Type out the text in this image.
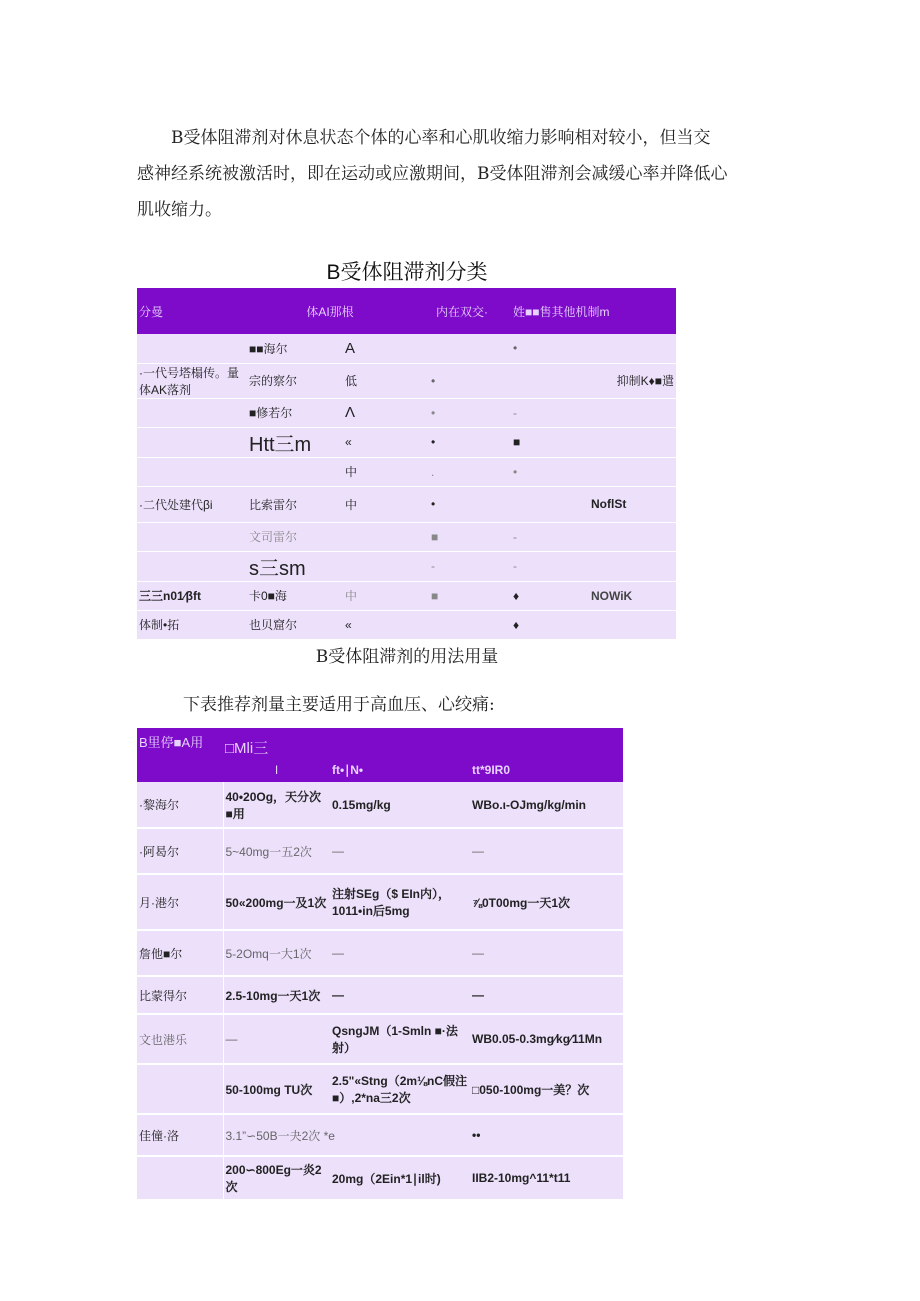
B受体阻滞剂对休息状态个体的心率和心肌收缩力影响相对较小，但当交
感神经系统被激活时，即在运动或应激期间，B受体阻滞剂会减缓心率并降低心
肌收缩力。

B受体阻滞剂分类
分曼	体AI那根		内在双交·	姓■■售其他机制m	
	■■海尔	A		•	
·一代号塔榻传。量体AK落剂	宗的察尔	低	•		抑制K♦■遣
	■修若尔	Λ	•	-	
	Htt三m	«	•	■	
		中	.	•	
·二代处建代βi	比索雷尔	中	•		NoflSt
	文司雷尔		■	-	
	s三sm		-	-	
三三n01∕βft	卡0■海	中	■	♦	NOWiK
体制•拓	也贝窟尔	«		♦	
B受体阻滞剂的用法用量
下表推荐剂量主要适用于高血压、心绞痛:
B里停■A用	□Mli三		
	I	ft•∣N•	tt*9IR0
·黎海尔	40•20Og，天分次■用	0.15mg/kg	WBo.ι-OJmg/kg/min
·阿曷尔	5~40mg一五2次	—	—
月·港尔	50«200mg一及1次	注射SEg（$ EIn内），1011•in后5mg	⅞0T00mg一天1次
詹他■尔	5-2Omq一大1次	—	—
比蒙得尔	2.5-10mg一天1次	—	—
文也港乐	—	QsngJM（1-Smln ■·法射）	WB0.05-0.3mg∕kg∕11Mn
	50-100mg TU次	2.5"«Stng（2m⅛nC假注■）,2*na三2次	□050-100mg一美？次
佳僮·洛	3.1”∽50B一夬2次 *e		••
	200∽800Eg一炎2次	20mg（2Ein*1∣il时)	IIB2-10mg^11*t11
